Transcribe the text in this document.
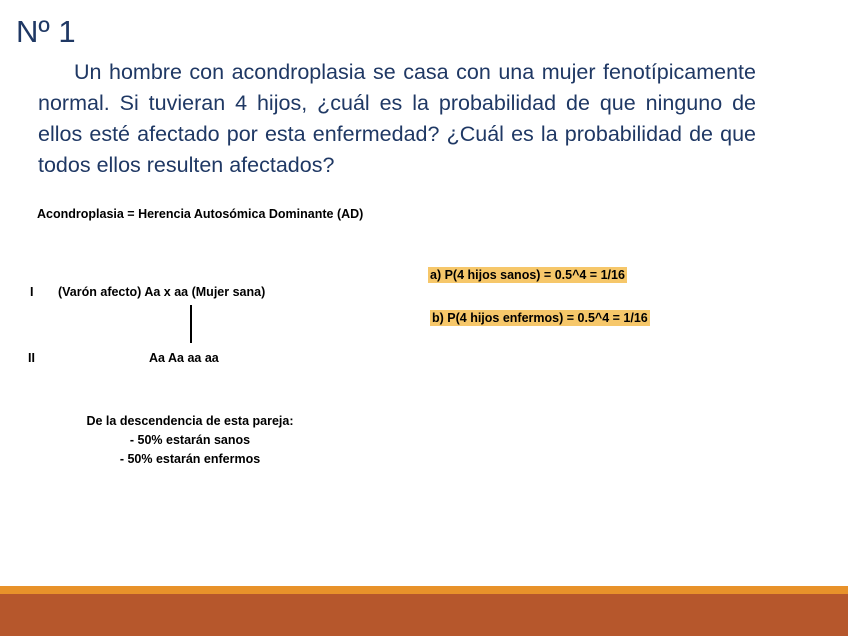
Nº 1
Un hombre con acondroplasia se casa con una mujer fenotípicamente normal. Si tuvieran 4 hijos, ¿cuál es la probabilidad de que ninguno de ellos esté afectado por esta enfermedad? ¿Cuál es la probabilidad de que todos ellos resulten afectados?
Acondroplasia = Herencia Autosómica Dominante (AD)
I (Varón afecto) Aa x aa (Mujer sana)
II	Aa Aa aa aa
a) P(4 hijos sanos) = 0.5^4 = 1/16
b) P(4 hijos enfermos) = 0.5^4 = 1/16
De la descendencia de esta pareja:
- 50% estarán sanos
- 50% estarán enfermos
